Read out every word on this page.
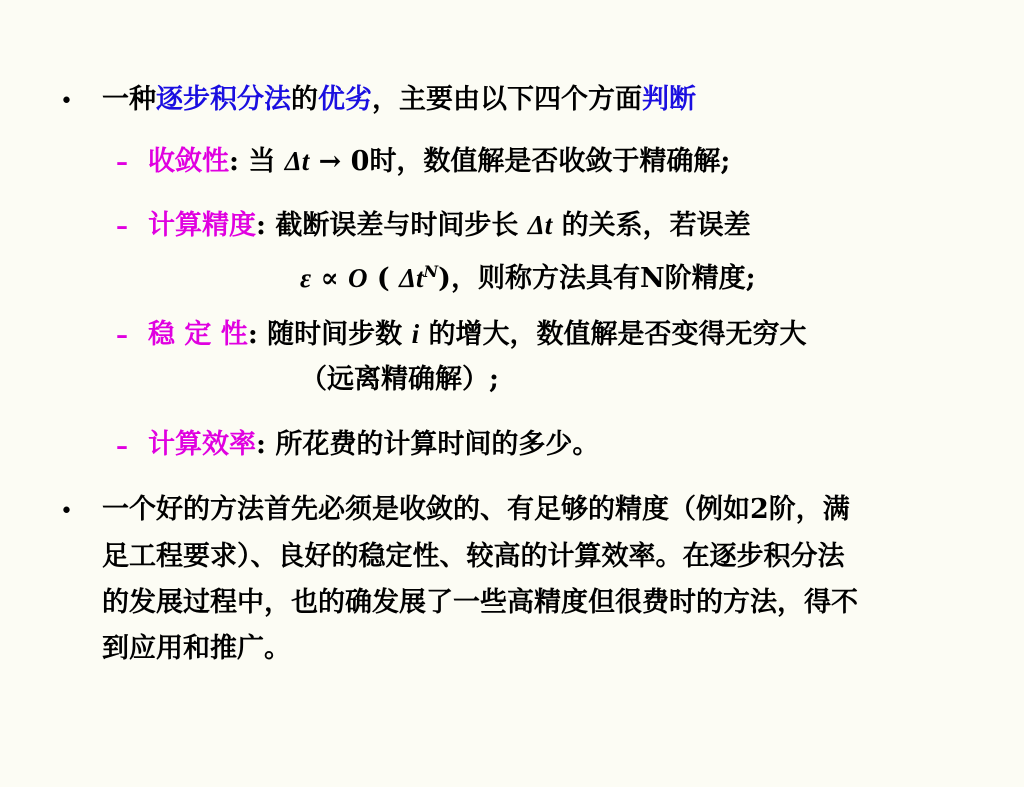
• 一种逐步积分法的优劣，主要由以下四个方面判断
– 收敛性: 当 Δt → 0时，数值解是否收敛于精确解;
– 计算精度: 截断误差与时间步长 Δt 的关系，若误差
ε ∝ O ( $\Delta t^N$)，则称方法具有N阶精度;
– 稳 定 性: 随时间步数 i 的增大，数值解是否变得无穷大
（远离精确解）;
– 计算效率: 所花费的计算时间的多少。
• 一个好的方法首先必须是收敛的、有足够的精度（例如2阶，满
足工程要求）、良好的稳定性、较高的计算效率。在逐步积分法
的发展过程中，也的确发展了一些高精度但很费时的方法，得不
到应用和推广。
